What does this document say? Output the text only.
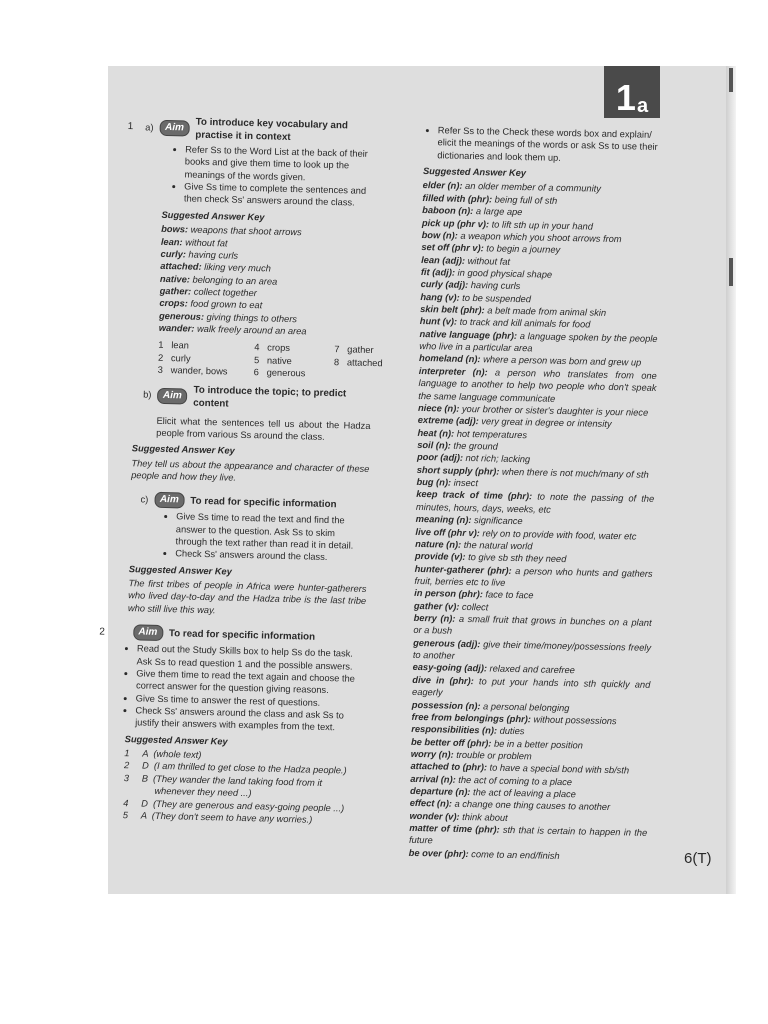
1 a
1 a)	Aim	To introduce key vocabulary and practise it in context
• Refer Ss to the Word List at the back of their books and give them time to look up the meanings of the words given.
• Give Ss time to complete the sentences and then check Ss' answers around the class.
Suggested Answer Key
bows: weapons that shoot arrows
lean: without fat
curly: having curls
attached: liking very much
native: belonging to an area
gather: collect together
crops: food grown to eat
generous: giving things to others
wander: walk freely around an area
1   lean	4   crops	7   gather
2   curly	5   native	8   attached
3   wander, bows	6   generous
b)	Aim	To introduce the topic; to predict content

Elicit what the sentences tell us about the Hadza people from various Ss around the class.

Suggested Answer Key

They tell us about the appearance and character of these people and how they live.

c)	Aim	To read for specific information
• Give Ss time to read the text and find the answer to the question. Ask Ss to skim through the text rather than read it in detail.
• Check Ss' answers around the class.
Suggested Answer Key

The first tribes of people in Africa were hunter-gatherers who lived day-to-day and the Hadza tribe is the last tribe who still live this way.

2	Aim	To read for specific information
• Read out the Study Skills box to help Ss do the task. Ask Ss to read question 1 and the possible answers.
• Give them time to read the text again and choose the correct answer for the question giving reasons.
• Give Ss time to answer the rest of questions.
• Check Ss' answers around the class and ask Ss to justify their answers with examples from the text.
Suggested Answer Key
1	A  (whole text)
2	D  (I am thrilled to get close to the Hadza people.)
3	B  (They wander the land taking food from it
whenever they need ...)
4	D  (They are generous and easy-going people ...)
5	A  (They don't seem to have any worries.)
• Refer Ss to the Check these words box and explain/ elicit the meanings of the words or ask Ss to use their dictionaries and look them up.
Suggested Answer Key

elder (n): an older member of a community

filled with (phr): being full of sth

baboon (n): a large ape

pick up (phr v): to lift sth up in your hand

bow (n): a weapon which you shoot arrows from

set off (phr v): to begin a journey

lean (adj): without fat

fit (adj): in good physical shape

curly (adj): having curls

hang (v): to be suspended

skin belt (phr): a belt made from animal skin

hunt (v): to track and kill animals for food

native language (phr): a language spoken by the people who live in a particular area

homeland (n): where a person was born and grew up

interpreter (n): a person who translates from one language to another to help two people who don't speak the same language communicate

niece (n): your brother or sister's daughter is your niece

extreme (adj): very great in degree or intensity

heat (n): hot temperatures

soil (n): the ground

poor (adj): not rich; lacking

short supply (phr): when there is not much/many of sth

bug (n): insect

keep track of time (phr): to note the passing of the minutes, hours, days, weeks, etc

meaning (n): significance

live off (phr v): rely on to provide with food, water etc

nature (n): the natural world

provide (v): to give sb sth they need

hunter-gatherer (phr): a person who hunts and gathers fruit, berries etc to live

in person (phr): face to face

gather (v): collect

berry (n): a small fruit that grows in bunches on a plant or a bush

generous (adj): give their time/money/possessions freely to another

easy-going (adj): relaxed and carefree

dive in (phr): to put your hands into sth quickly and eagerly

possession (n): a personal belonging

free from belongings (phr): without possessions

responsibilities (n): duties

be better off (phr): be in a better position

worry (n): trouble or problem

attached to (phr): to have a special bond with sb/sth

arrival (n): the act of coming to a place

departure (n): the act of leaving a place

effect (n): a change one thing causes to another

wonder (v): think about

matter of time (phr): sth that is certain to happen in the future

be over (phr): come to an end/finish	6(T)
